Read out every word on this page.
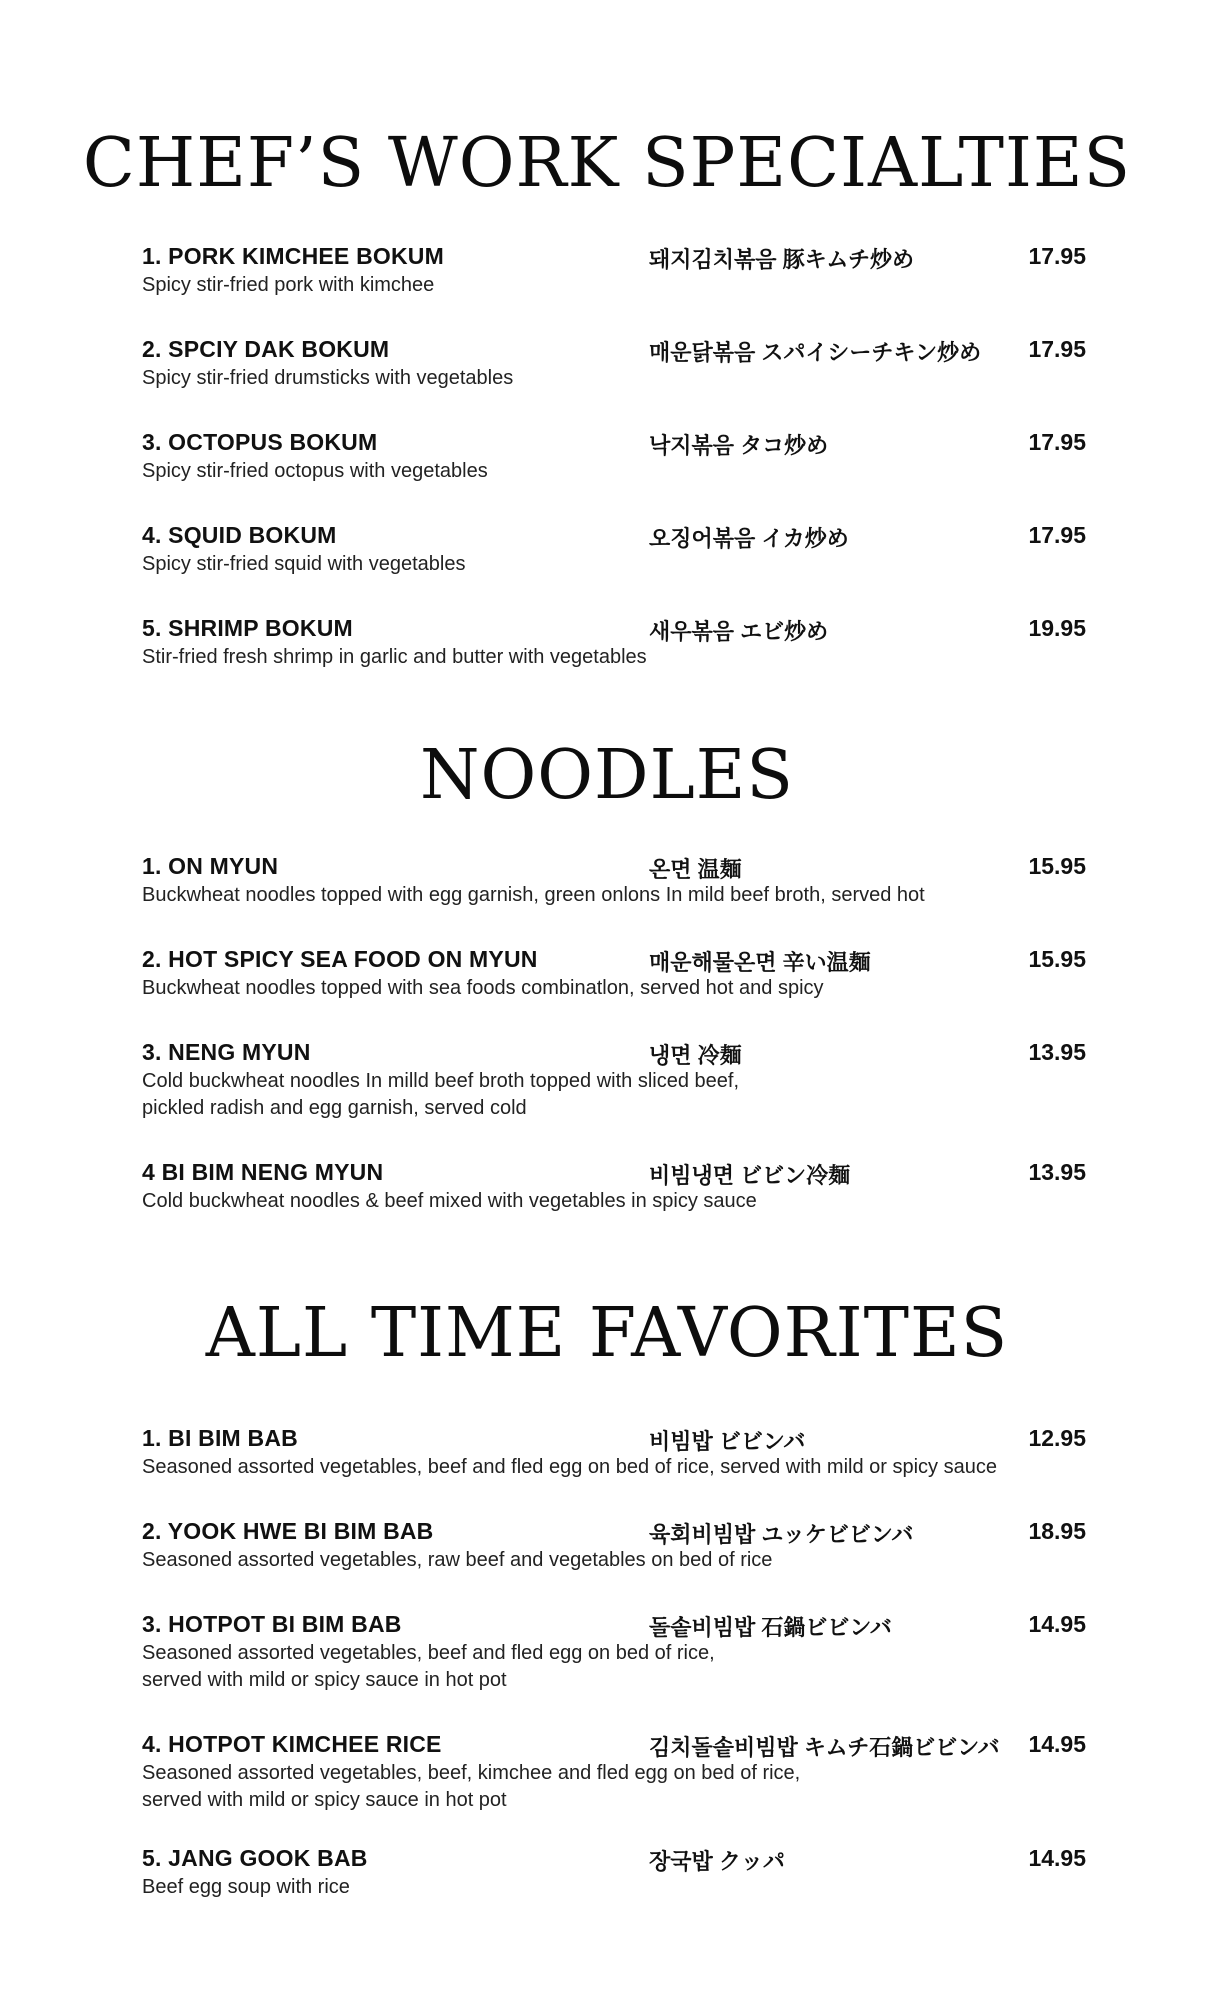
CHEF’S WORK SPECIALTIES
1. PORK KIMCHEE BOKUM	돼지김치볶음 豚キムチ炒め	17.95
Spicy stir-fried pork with kimchee
2. SPCIY DAK BOKUM	매운닭볶음 スパイシーチキン炒め 17.95
Spicy stir-fried drumsticks with vegetables
3. OCTOPUS BOKUM	낙지볶음 タコ炒め	17.95
Spicy stir-fried octopus with vegetables
4. SQUID BOKUM	오징어볶음 イカ炒め	17.95
Spicy stir-fried squid with vegetables
5. SHRIMP BOKUM	새우볶음 エビ炒め	19.95
Stir-fried fresh shrimp in garlic and butter with vegetables
NOODLES
1. ON MYUN	온면 温麺	15.95
Buckwheat noodles topped with egg garnish, green onlons In mild beef broth, served hot
2. HOT SPICY SEA FOOD ON MYUN	매운해물온면 辛い温麺	15.95
Buckwheat noodles topped with sea foods combinatlon, served hot and spicy
3. NENG MYUN	냉면 冷麺	13.95
Cold buckwheat noodles In milld beef broth topped with sliced beef,
pickled radish and egg garnish, served cold
4 BI BIM NENG MYUN	비빔냉면 ビビン冷麺	13.95
Cold buckwheat noodles & beef mixed with vegetables in spicy sauce
ALL TIME FAVORITES
1. BI BIM BAB	비빔밥 ビビンバ	12.95
Seasoned assorted vegetables, beef and fled egg on bed of rice, served with mild or spicy sauce
2. YOOK HWE BI BIM BAB	육회비빔밥 ユッケビビンバ	18.95
Seasoned assorted vegetables, raw beef and vegetables on bed of rice
3. HOTPOT BI BIM BAB	돌솥비빔밥 石鍋ビビンバ	14.95
Seasoned assorted vegetables, beef and fled egg on bed of rice,
served with mild or spicy sauce in hot pot
4. HOTPOT KIMCHEE RICE	김치돌솥비빔밥 キムチ石鍋ビビンバ 14.95
Seasoned assorted vegetables, beef, kimchee and fled egg on bed of rice,
served with mild or spicy sauce in hot pot
5. JANG GOOK BAB	장국밥 クッパ	14.95
Beef egg soup with rice
